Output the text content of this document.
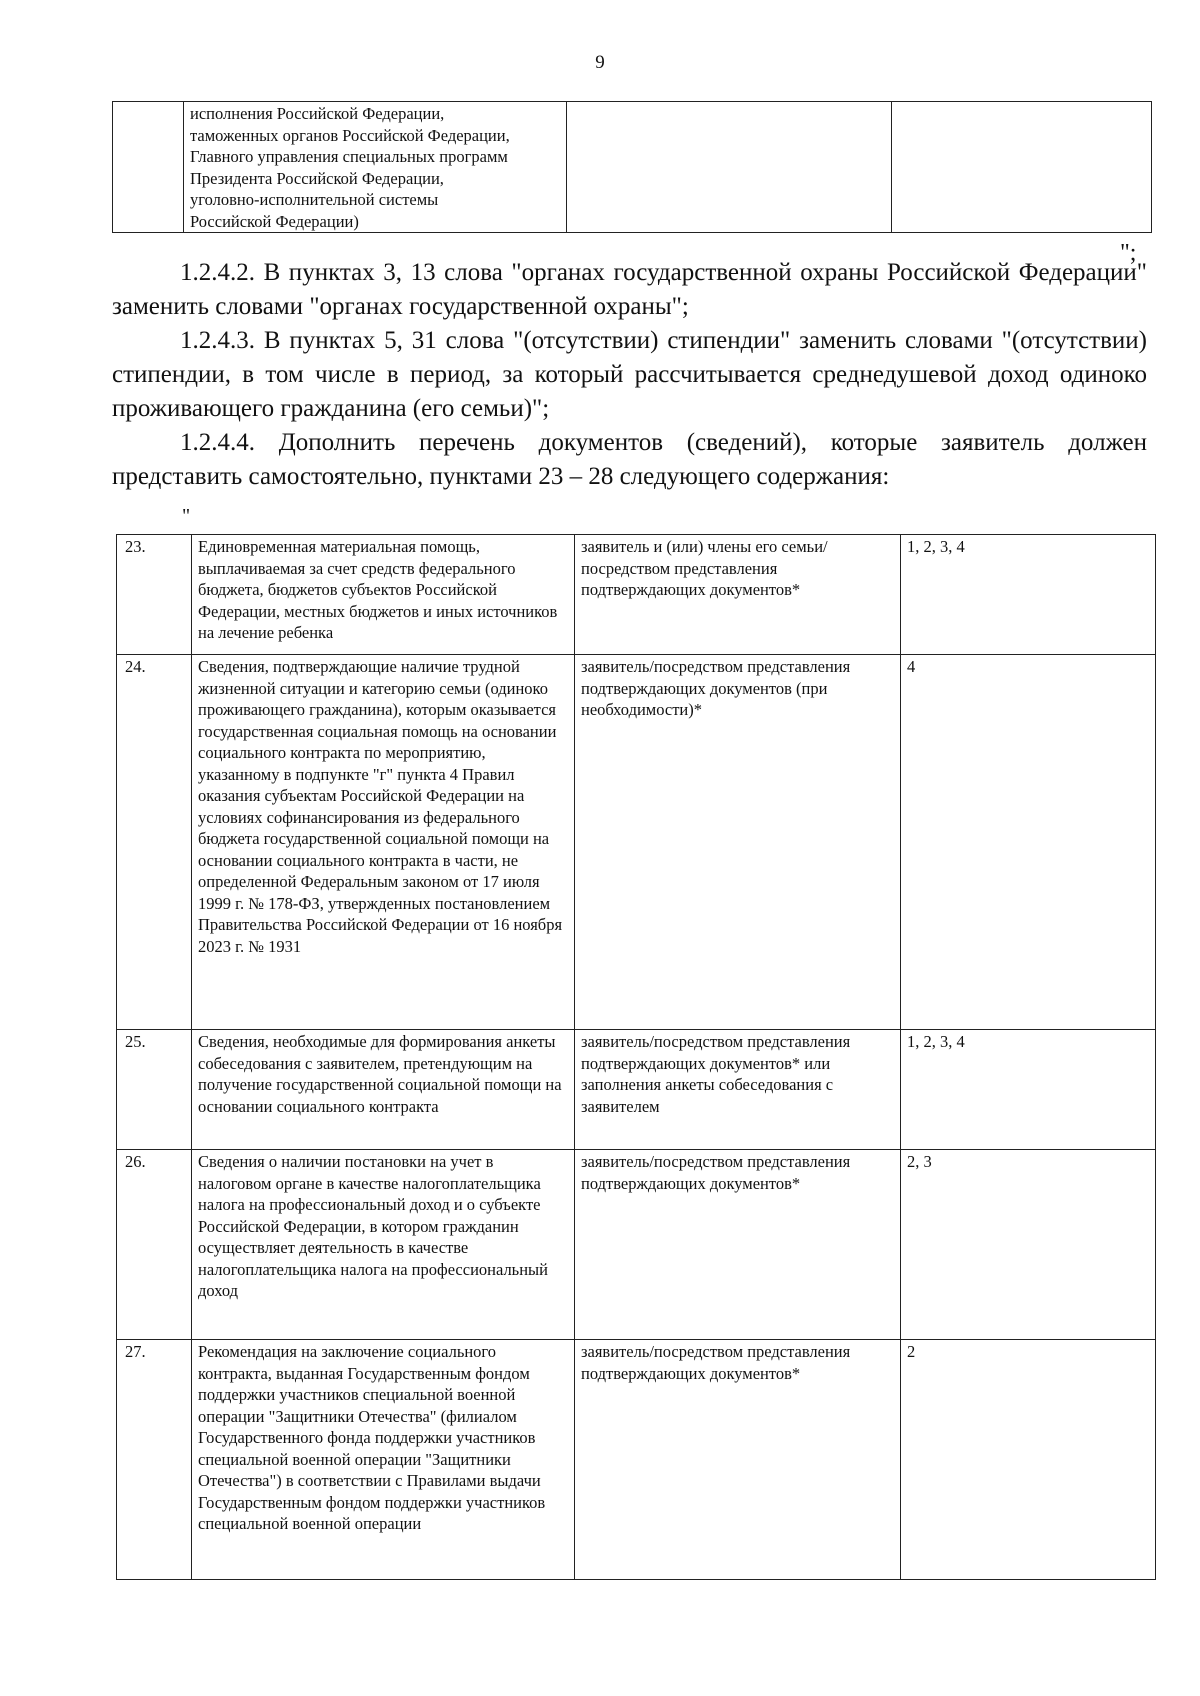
9
	исполнения Российской Федерации,
таможенных органов Российской Федерации,
Главного управления специальных программ
Президента Российской Федерации,
уголовно-исполнительной системы
Российской Федерации)		
";
1.2.4.2. В пунктах 3, 13 слова "органах государственной охраны Российской Федерации" заменить словами "органах государственной охраны";
1.2.4.3. В пунктах 5, 31 слова "(отсутствии) стипендии" заменить словами "(отсутствии) стипендии, в том числе в период, за который рассчитывается среднедушевой доход одиноко проживающего гражданина (его семьи)";
1.2.4.4. Дополнить перечень документов (сведений), которые заявитель должен представить самостоятельно, пунктами 23 – 28 следующего содержания:
"
23.	Единовременная материальная помощь, выплачиваемая за счет средств федерального бюджета, бюджетов субъектов Российской Федерации, местных бюджетов и иных источников на лечение ребенка	заявитель и (или) члены его семьи/посредством представления подтверждающих документов*	1, 2, 3, 4
24.	Сведения, подтверждающие наличие трудной жизненной ситуации и категорию семьи (одиноко проживающего гражданина), которым оказывается государственная социальная помощь на основании социального контракта по мероприятию, указанному в подпункте "г" пункта 4 Правил оказания субъектам Российской Федерации на условиях софинансирования из федерального бюджета государственной социальной помощи на основании социального контракта в части, не определенной Федеральным законом от 17 июля 1999 г. № 178-ФЗ, утвержденных постановлением Правительства Российской Федерации от 16 ноября 2023 г. № 1931	заявитель/посредством представления подтверждающих документов (при необходимости)*	4
25.	Сведения, необходимые для формирования анкеты собеседования с заявителем, претендующим на получение государственной социальной помощи на основании социального контракта	заявитель/посредством представления подтверждающих документов* или заполнения анкеты собеседования с заявителем	1, 2, 3, 4
26.	Сведения о наличии постановки на учет в налоговом органе в качестве налогоплательщика налога на профессиональный доход и о субъекте Российской Федерации, в котором гражданин осуществляет деятельность в качестве налогоплательщика налога на профессиональный доход	заявитель/посредством представления подтверждающих документов*	2, 3
27.	Рекомендация на заключение социального контракта, выданная Государственным фондом поддержки участников специальной военной операции "Защитники Отечества" (филиалом Государственного фонда поддержки участников специальной военной операции "Защитники Отечества") в соответствии с Правилами выдачи Государственным фондом поддержки участников специальной военной операции	заявитель/посредством представления подтверждающих документов*	2
